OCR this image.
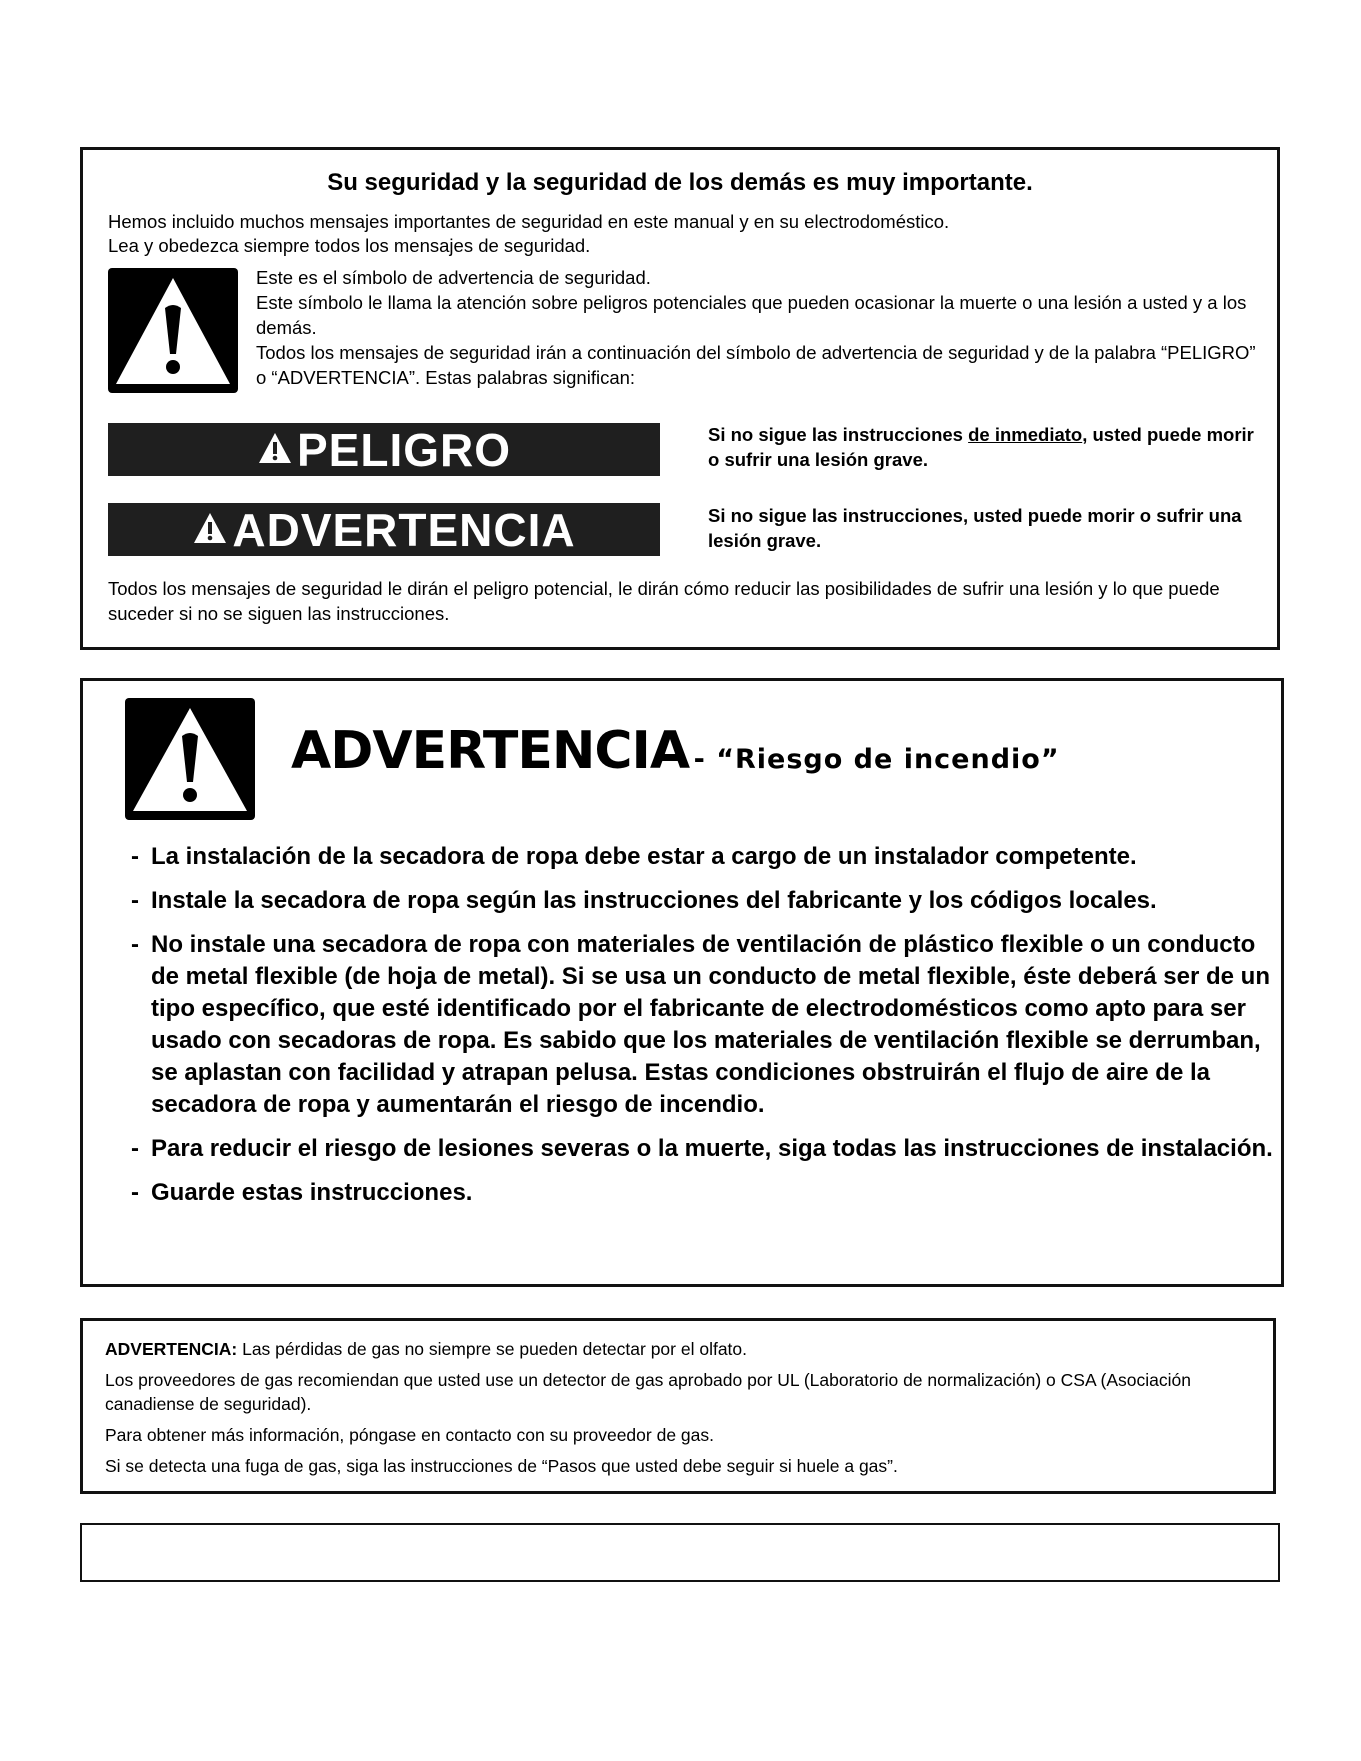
Su seguridad y la seguridad de los demás es muy importante.
Hemos incluido muchos mensajes importantes de seguridad en este manual y en su electrodoméstico.
Lea y obedezca siempre todos los mensajes de seguridad.

Este es el símbolo de advertencia de seguridad.

Este símbolo le llama la atención sobre peligros potenciales que pueden ocasionar la muerte o una lesión a usted y a los demás.

Todos los mensajes de seguridad irán a continuación del símbolo de advertencia de seguridad y de la palabra “PELIGRO” o “ADVERTENCIA”. Estas palabras significan:

PELIGRO	Si no sigue las instrucciones de inmediato, usted puede morir o sufrir una lesión grave.
ADVERTENCIA	Si no sigue las instrucciones, usted puede morir o sufrir una lesión grave.
Todos los mensajes de seguridad le dirán el peligro potencial, le dirán cómo reducir las posibilidades de sufrir una lesión y lo que puede suceder si no se siguen las instrucciones.
ADVERTENCIA - “Riesgo de incendio”
- La instalación de la secadora de ropa debe estar a cargo de un instalador competente.
- Instale la secadora de ropa según las instrucciones del fabricante y los códigos locales.
- No instale una secadora de ropa con materiales de ventilación de plástico flexible o un conducto de metal flexible (de hoja de metal). Si se usa un conducto de metal flexible, éste deberá ser de un tipo específico, que esté identificado por el fabricante de electrodomésticos como apto para ser usado con secadoras de ropa. Es sabido que los materiales de ventilación flexible se derrumban, se aplastan con facilidad y atrapan pelusa. Estas condiciones obstruirán el flujo de aire de la secadora de ropa y aumentarán el riesgo de incendio.
- Para reducir el riesgo de lesiones severas o la muerte, siga todas las instrucciones de instalación.
- Guarde estas instrucciones.

ADVERTENCIA: Las pérdidas de gas no siempre se pueden detectar por el olfato.

Los proveedores de gas recomiendan que usted use un detector de gas aprobado por UL (Laboratorio de normalización) o CSA (Asociación canadiense de seguridad).

Para obtener más información, póngase en contacto con su proveedor de gas.

Si se detecta una fuga de gas, siga las instrucciones de “Pasos que usted debe seguir si huele a gas”.
